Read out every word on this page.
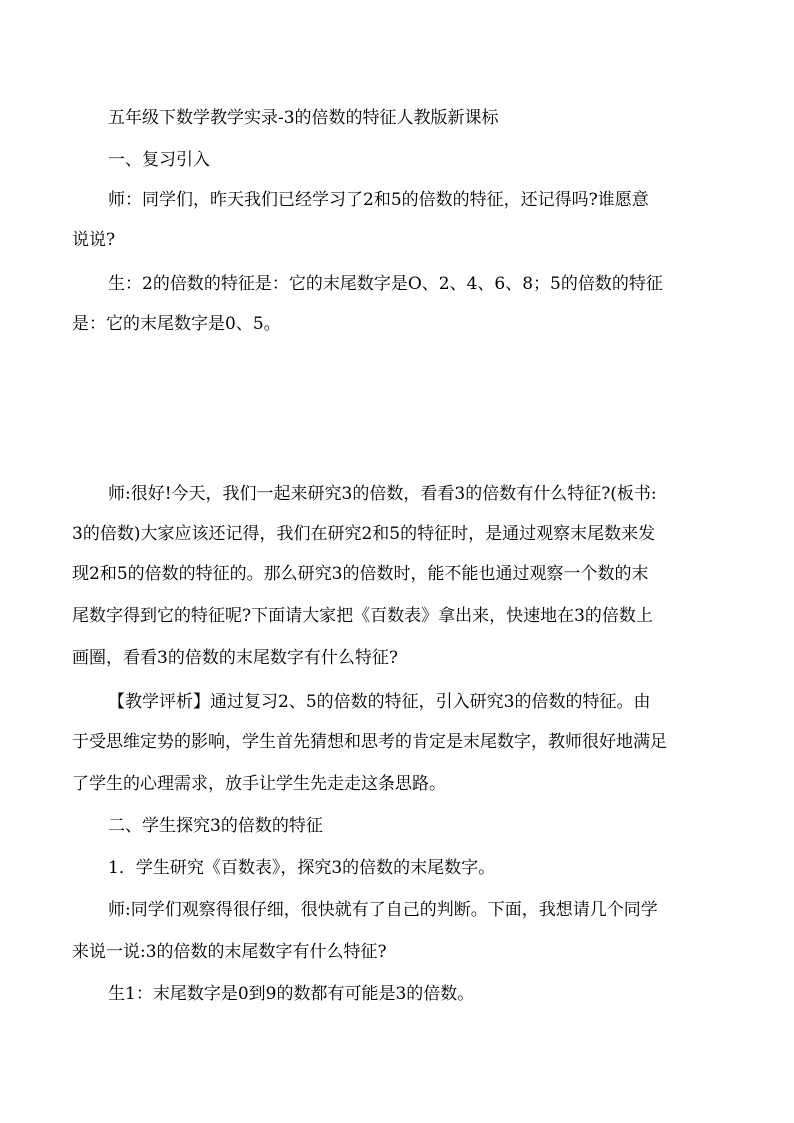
五年级下数学教学实录-3的倍数的特征人教版新课标
一、复习引入
师：同学们，昨天我们已经学习了2和5的倍数的特征，还记得吗?谁愿意
说说?
生：2的倍数的特征是：它的末尾数字是O、2、4、6、8；5的倍数的特征
是：它的末尾数字是0、5。
师:很好!今天，我们一起来研究3的倍数，看看3的倍数有什么特征?(板书:
3的倍数)大家应该还记得，我们在研究2和5的特征时，是通过观察末尾数来发
现2和5的倍数的特征的。那么研究3的倍数时，能不能也通过观察一个数的末
尾数字得到它的特征呢?下面请大家把《百数表》拿出来，快速地在3的倍数上
画圈，看看3的倍数的末尾数字有什么特征?
【教学评析】通过复习2、5的倍数的特征，引入研究3的倍数的特征。由
于受思维定势的影响，学生首先猜想和思考的肯定是末尾数字，教师很好地满足
了学生的心理需求，放手让学生先走走这条思路。
二、学生探究3的倍数的特征
1．学生研究《百数表》，探究3的倍数的末尾数字。
师:同学们观察得很仔细，很快就有了自己的判断。下面，我想请几个同学
来说一说:3的倍数的末尾数字有什么特征?
生1：末尾数字是0到9的数都有可能是3的倍数。
